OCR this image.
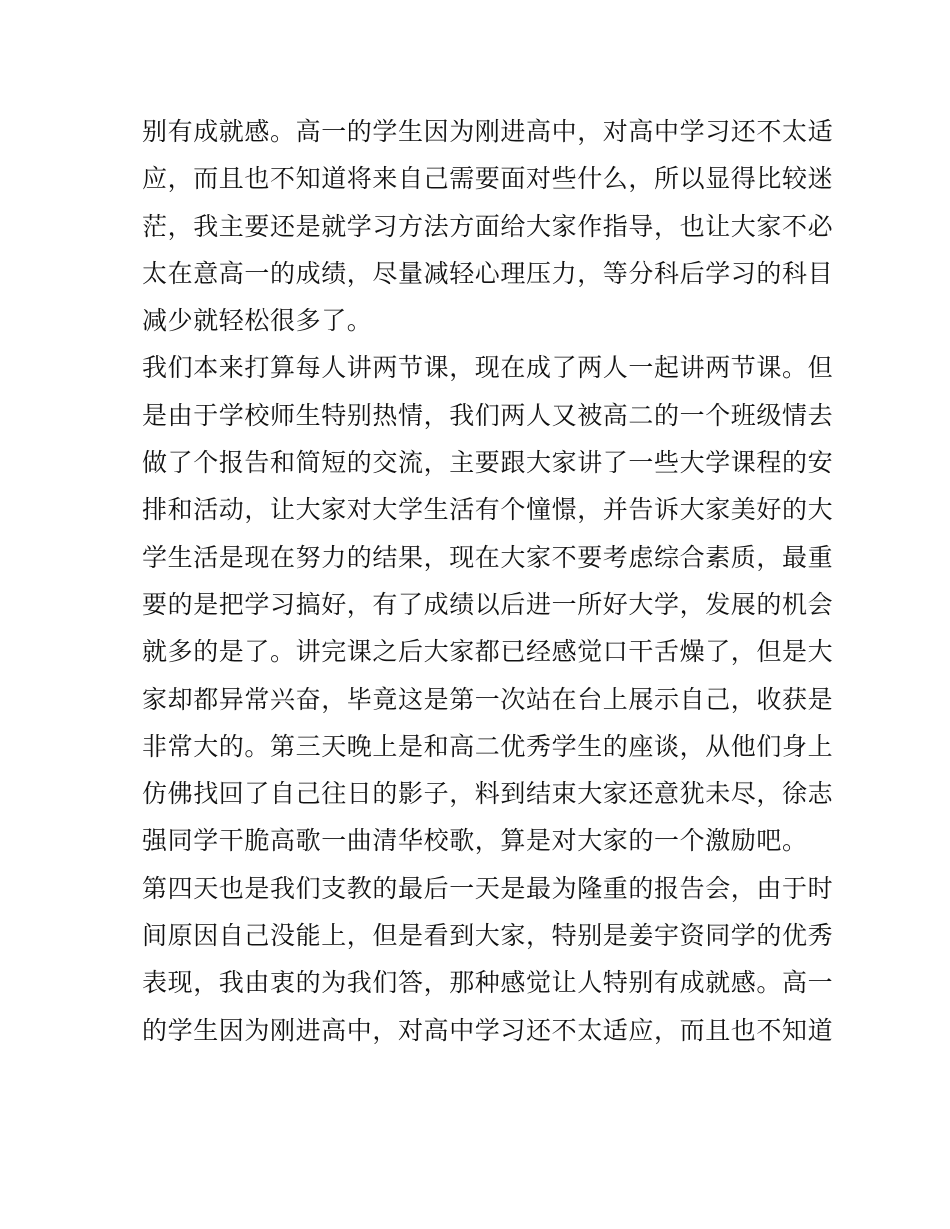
别有成就感。高一的学生因为刚进高中，对高中学习还不太适
应，而且也不知道将来自己需要面对些什么，所以显得比较迷
茫，我主要还是就学习方法方面给大家作指导，也让大家不必
太在意高一的成绩，尽量减轻心理压力，等分科后学习的科目
减少就轻松很多了。
我们本来打算每人讲两节课，现在成了两人一起讲两节课。但
是由于学校师生特别热情，我们两人又被高二的一个班级情去
做了个报告和简短的交流，主要跟大家讲了一些大学课程的安
排和活动，让大家对大学生活有个憧憬，并告诉大家美好的大
学生活是现在努力的结果，现在大家不要考虑综合素质，最重
要的是把学习搞好，有了成绩以后进一所好大学，发展的机会
就多的是了。讲完课之后大家都已经感觉口干舌燥了，但是大
家却都异常兴奋，毕竟这是第一次站在台上展示自己，收获是
非常大的。第三天晚上是和高二优秀学生的座谈，从他们身上
仿佛找回了自己往日的影子，料到结束大家还意犹未尽，徐志
强同学干脆高歌一曲清华校歌，算是对大家的一个激励吧。
第四天也是我们支教的最后一天是最为隆重的报告会，由于时
间原因自己没能上，但是看到大家，特别是姜宇资同学的优秀
表现，我由衷的为我们答，那种感觉让人特别有成就感。高一
的学生因为刚进高中，对高中学习还不太适应，而且也不知道
